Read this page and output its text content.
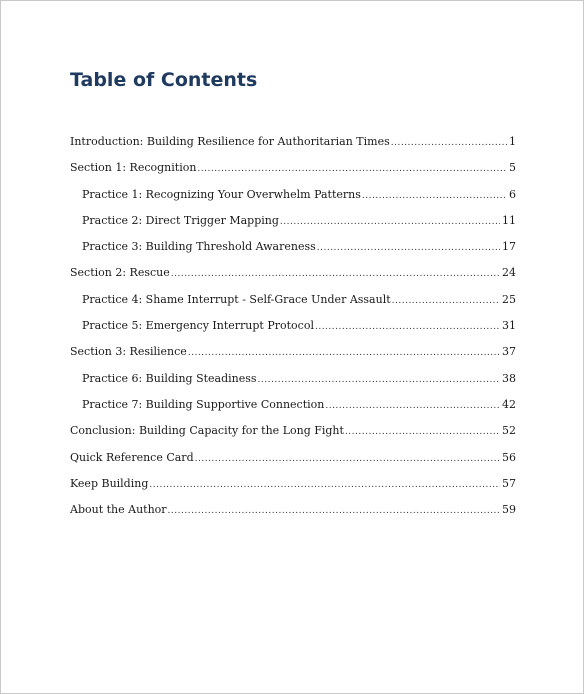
Table of Contents
Introduction: Building Resilience for Authoritarian Times .....	1
Section 1: Recognition .....	5
Practice 1: Recognizing Your Overwhelm Patterns .....	6
Practice 2: Direct Trigger Mapping .....	11
Practice 3: Building Threshold Awareness .....	17
Section 2: Rescue .....	24
Practice 4: Shame Interrupt - Self-Grace Under Assault .....	25
Practice 5: Emergency Interrupt Protocol .....	31
Section 3: Resilience .....	37
Practice 6: Building Steadiness .....	38
Practice 7: Building Supportive Connection .....	42
Conclusion: Building Capacity for the Long Fight .....	52
Quick Reference Card .....	56
Keep Building .....	57
About the Author .....	59
